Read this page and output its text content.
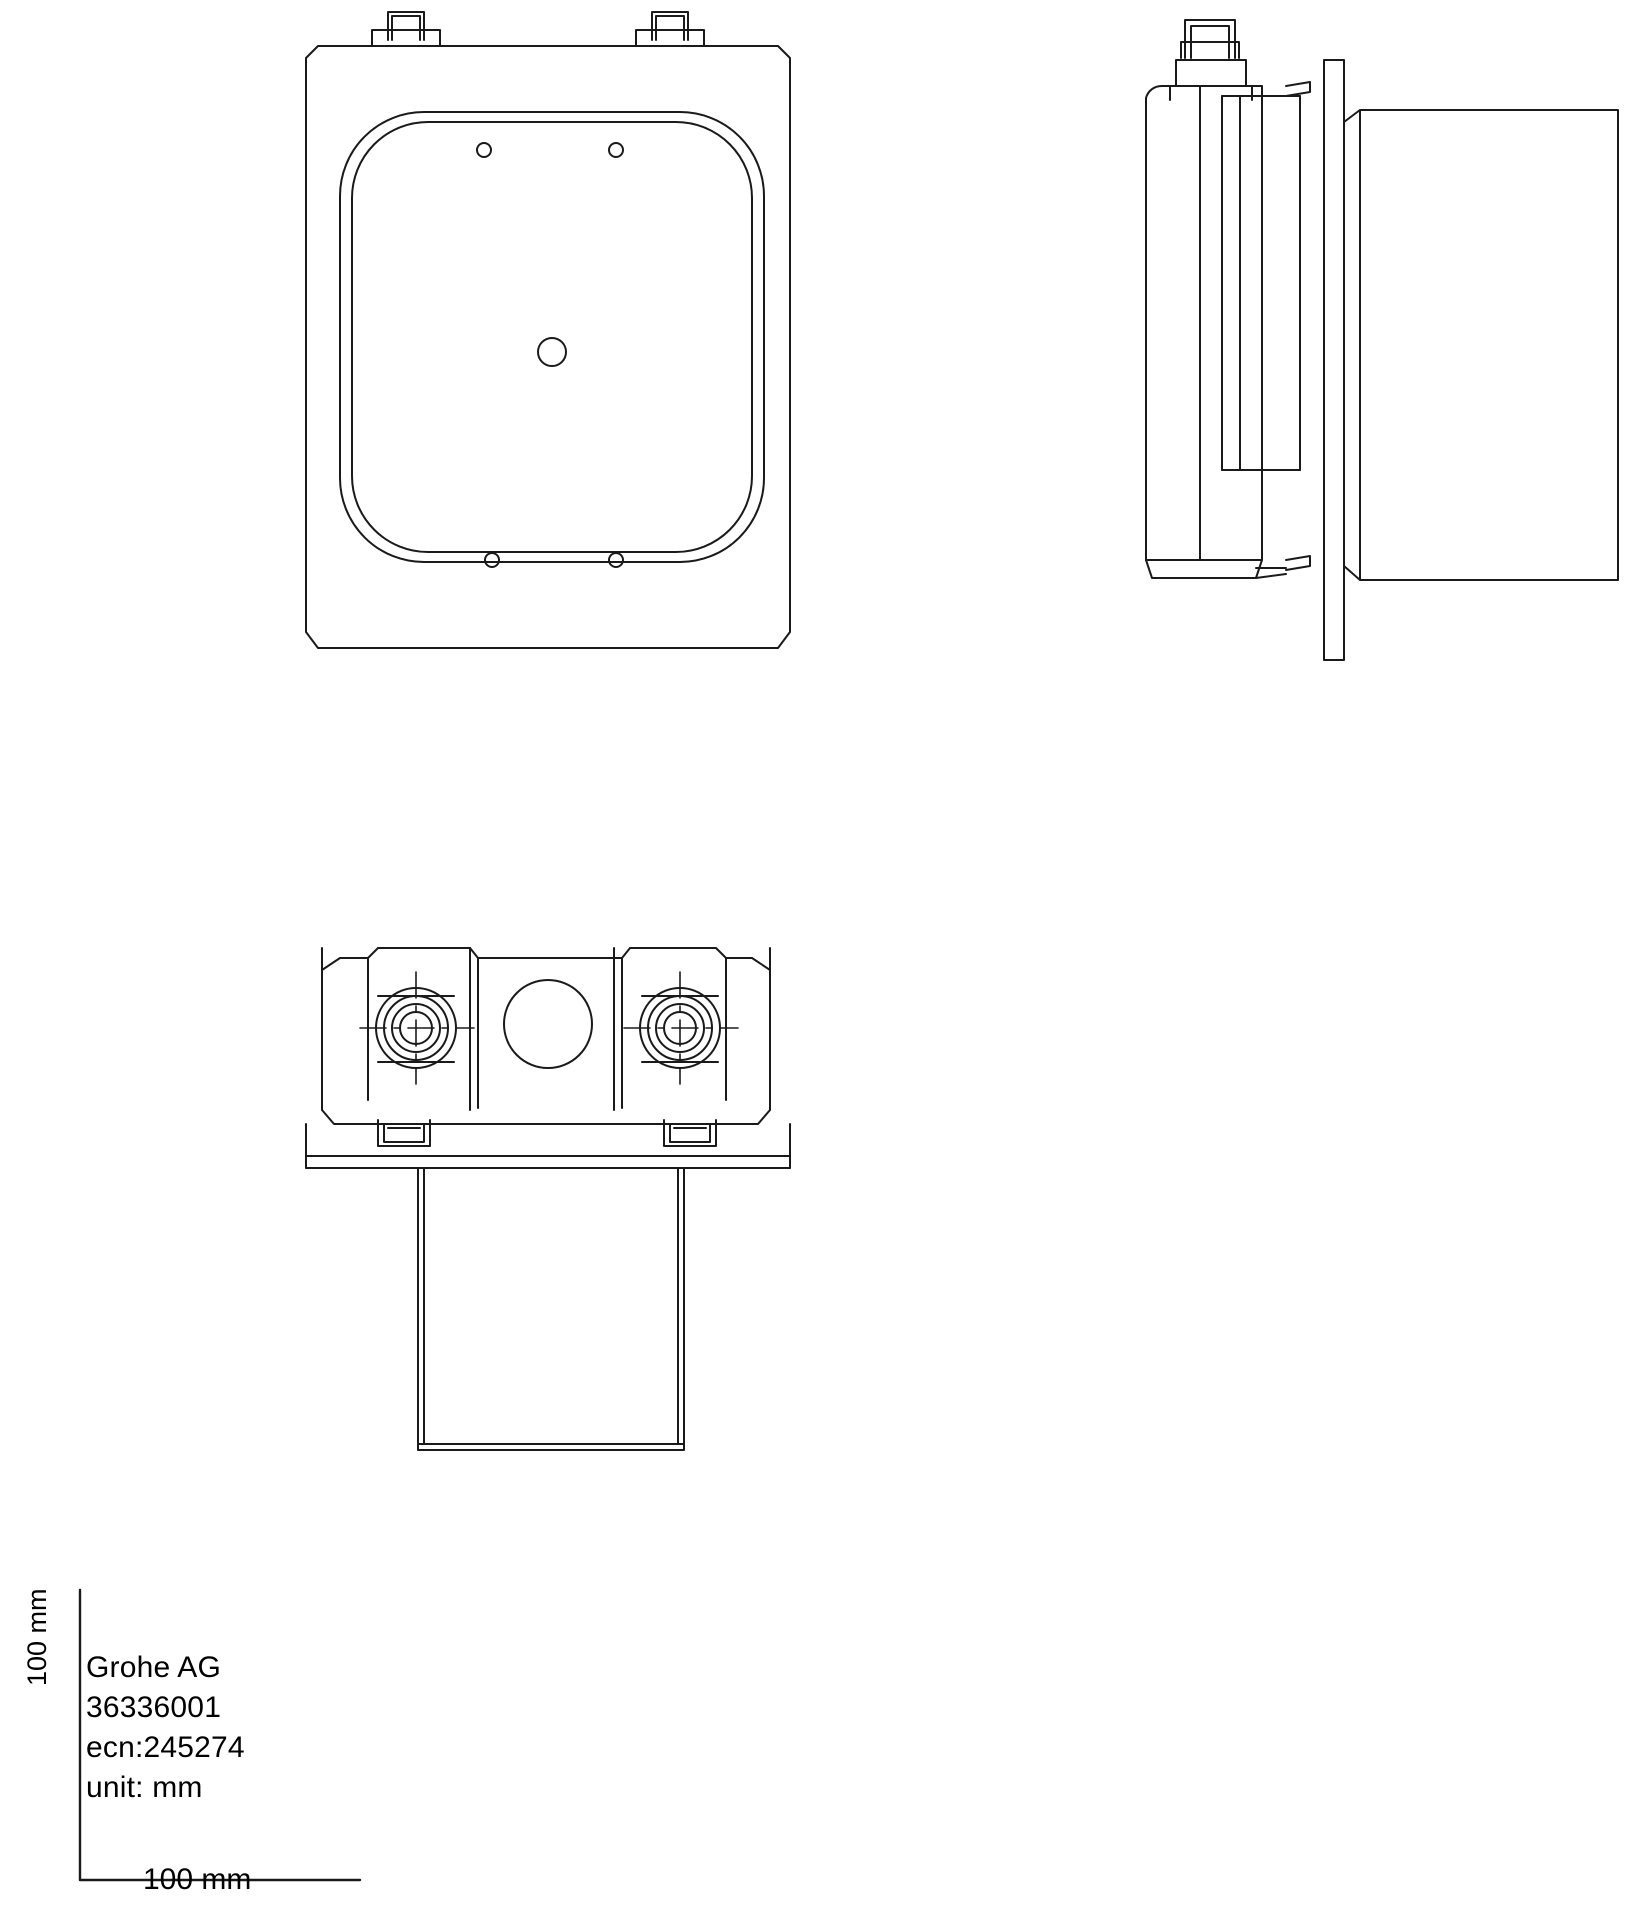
Grohe AG
36336001
ecn:245274
unit: mm
100 mm
100 mm
